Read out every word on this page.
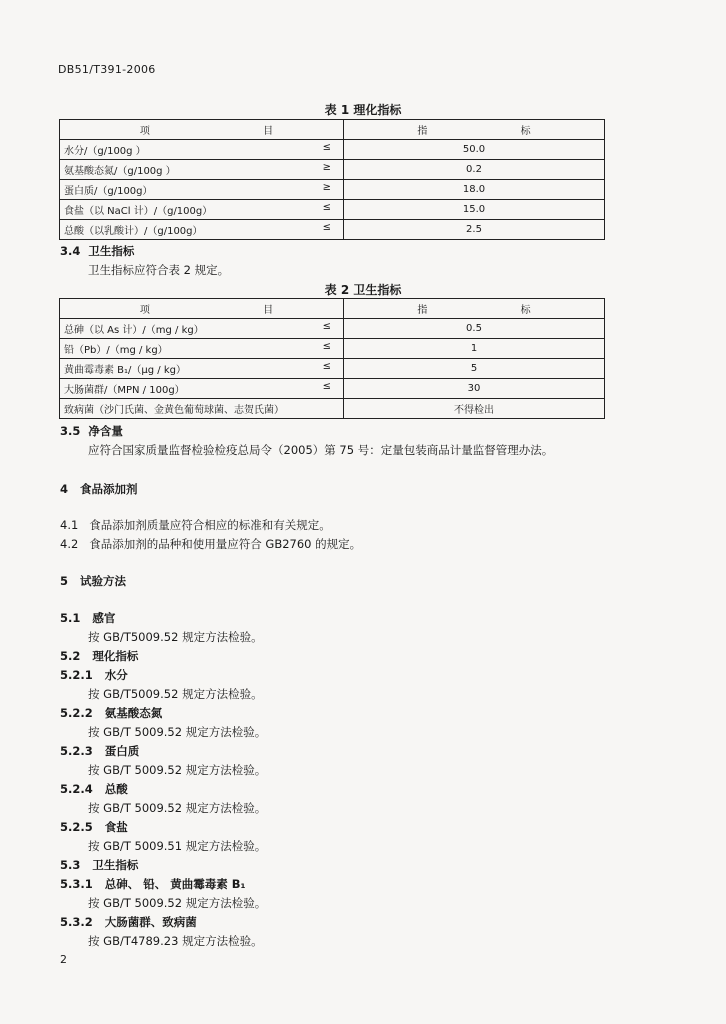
DB51/T391-2006
表 1 理化指标
项 目	指 标
水分/（g/100g ） ≤	50.0
氨基酸态氮/（g/100g ） ≥	0.2
蛋白质/（g/100g） ≥	18.0
食盐（以 NaCl 计）/（g/100g） ≤	15.0
总酸（以乳酸计）/（g/100g） ≤	2.5
3.4 卫生指标
卫生指标应符合表 2 规定。
表 2 卫生指标
项 目	指 标
总砷（以 As 计）/（mg / kg） ≤	0.5
铅（Pb）/（mg / kg） ≤	1
黄曲霉毒素 B₁/（μg / kg） ≤	5
大肠菌群/（MPN / 100g） ≤	30
致病菌（沙门氏菌、金黄色葡萄球菌、志贺氏菌）	不得检出
3.5 净含量
应符合国家质量监督检验检疫总局令（2005）第 75 号：定量包装商品计量监督管理办法。
4 食品添加剂
4.1 食品添加剂质量应符合相应的标准和有关规定。
4.2 食品添加剂的品种和使用量应符合 GB2760 的规定。
5 试验方法
5.1 感官
按 GB/T5009.52 规定方法检验。
5.2 理化指标
5.2.1 水分
按 GB/T5009.52 规定方法检验。
5.2.2 氨基酸态氮
按 GB/T 5009.52 规定方法检验。
5.2.3 蛋白质
按 GB/T 5009.52 规定方法检验。
5.2.4 总酸
按 GB/T 5009.52 规定方法检验。
5.2.5 食盐
按 GB/T 5009.51 规定方法检验。
5.3 卫生指标
5.3.1 总砷、 铅、 黄曲霉毒素 B₁
按 GB/T 5009.52 规定方法检验。
5.3.2 大肠菌群、致病菌
按 GB/T4789.23 规定方法检验。
2
